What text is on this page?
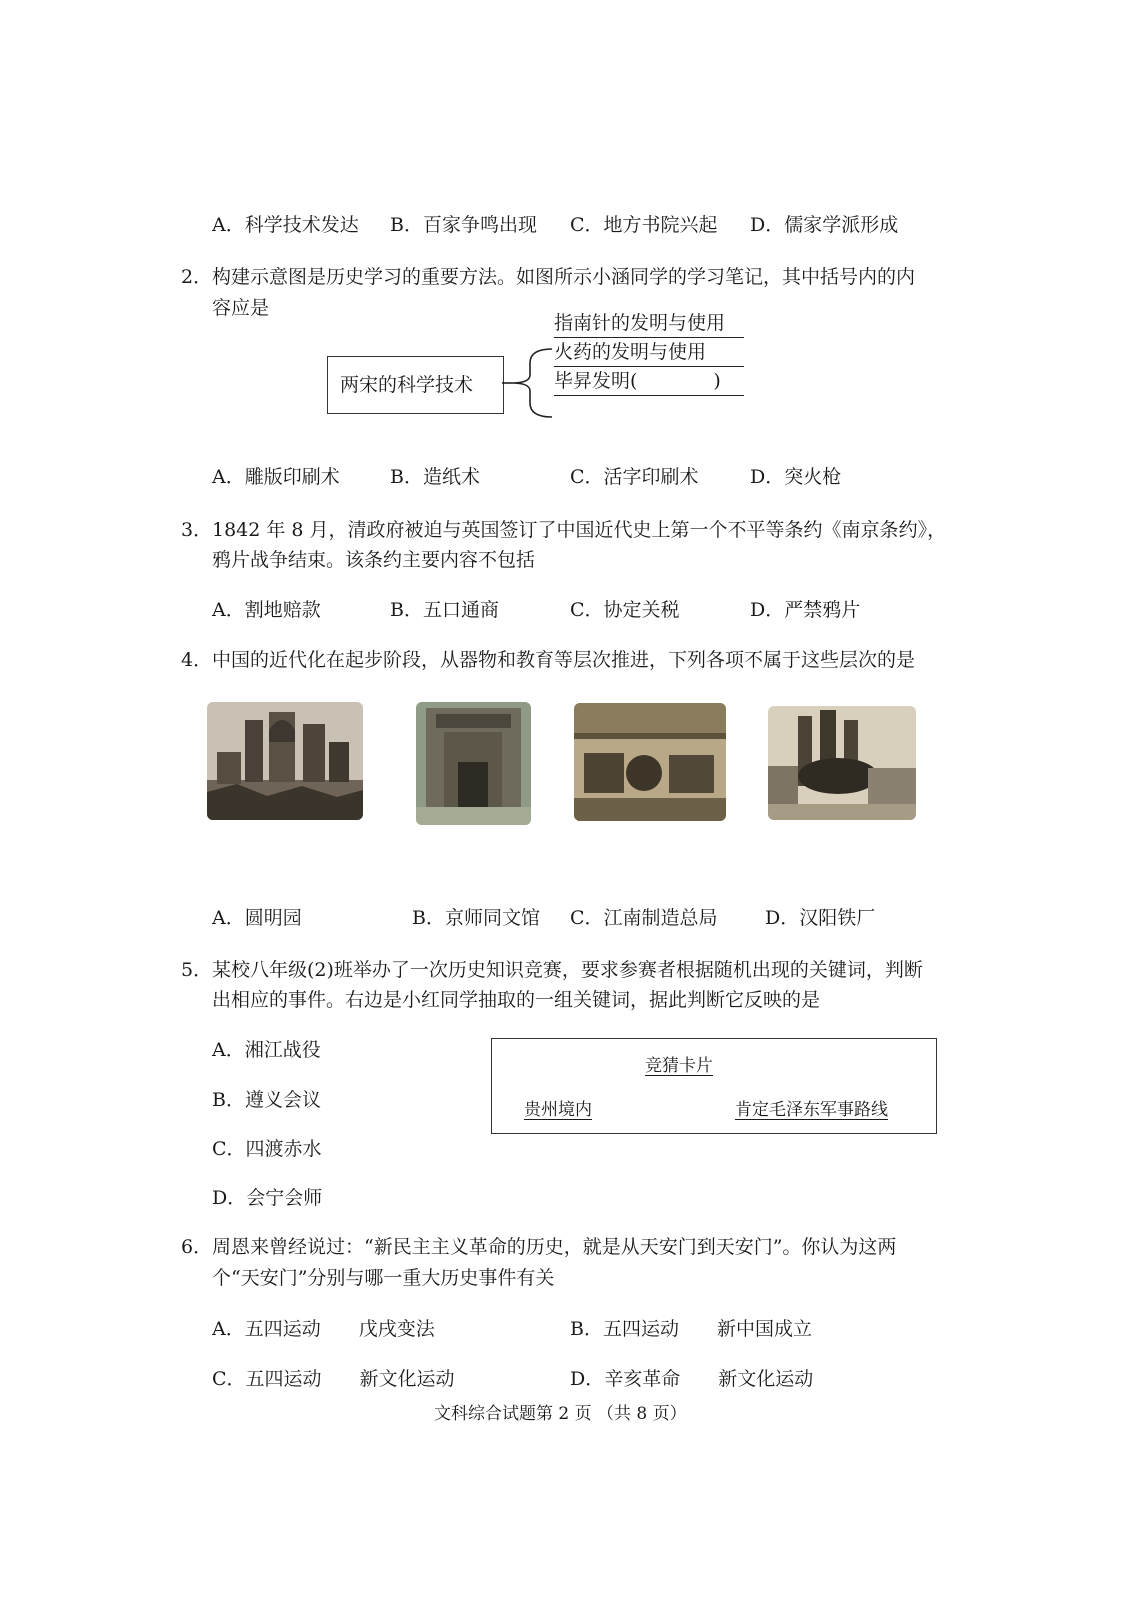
A．科学技术发达 B．百家争鸣出现 C．地方书院兴起 D．儒家学派形成
2． 构建示意图是历史学习的重要方法。如图所示小涵同学的学习笔记，其中括号内的内
容应是
两宋的科学技术
指南针的发明与使用
火药的发明与使用
毕昇发明(　　　　)
A．雕版印刷术	B．造纸术	C．活字印刷术	D．突火枪
3． 1842 年 8 月，清政府被迫与英国签订了中国近代史上第一个不平等条约《南京条约》，
鸦片战争结束。该条约主要内容不包括
A．割地赔款	B．五口通商	C．协定关税	D．严禁鸦片
4． 中国的近代化在起步阶段，从器物和教育等层次推进，下列各项不属于这些层次的是
A．圆明园	B．京师同文馆 C．江南制造总局 D．汉阳铁厂
5． 某校八年级(2)班举办了一次历史知识竞赛，要求参赛者根据随机出现的关键词，判断
出相应的事件。右边是小红同学抽取的一组关键词，据此判断它反映的是
A．湘江战役
B．遵义会议
C．四渡赤水
D．会宁会师
竞猜卡片
贵州境内	肯定毛泽东军事路线
6． 周恩来曾经说过：“新民主主义革命的历史，就是从天安门到天安门”。你认为这两
个“天安门”分别与哪一重大历史事件有关
A．五四运动　　戊戌变法	B．五四运动　　新中国成立
C．五四运动　　新文化运动	D．辛亥革命　　新文化运动
文科综合试题第 2 页 （共 8 页）
